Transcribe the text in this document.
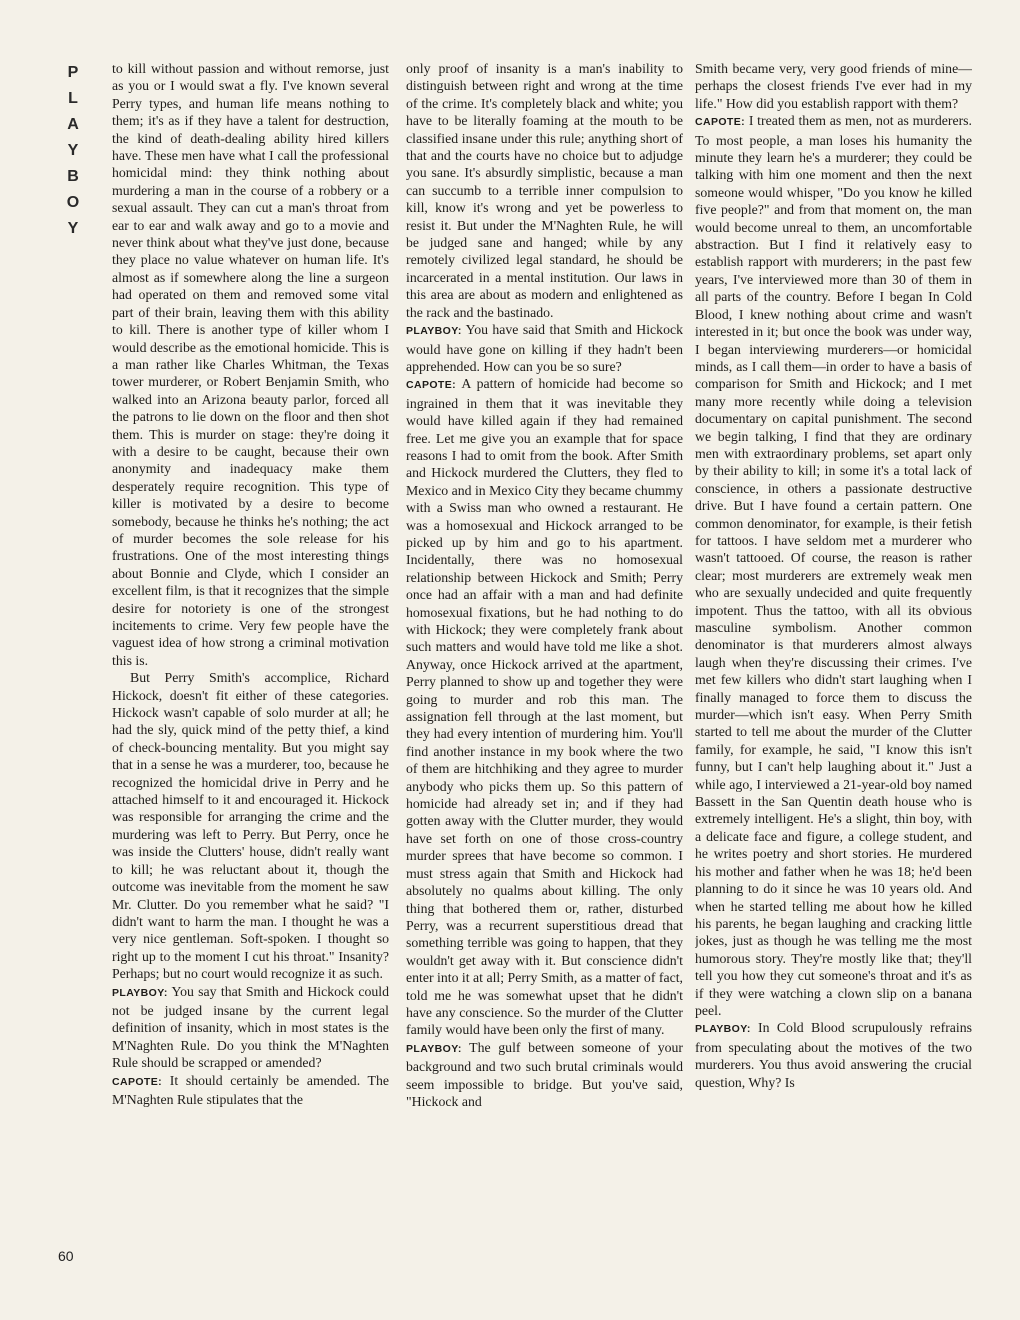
P
L
A
Y
B
O
Y
60

to kill without passion and without remorse, just as you or I would swat a fly. I've known several Perry types, and human life means nothing to them; it's as if they have a talent for destruction, the kind of death-dealing ability hired killers have. These men have what I call the professional homicidal mind: they think nothing about murdering a man in the course of a robbery or a sexual assault. They can cut a man's throat from ear to ear and walk away and go to a movie and never think about what they've just done, because they place no value whatever on human life. It's almost as if somewhere along the line a surgeon had operated on them and removed some vital part of their brain, leaving them with this ability to kill. There is another type of killer whom I would describe as the emotional homicide. This is a man rather like Charles Whitman, the Texas tower murderer, or Robert Benjamin Smith, who walked into an Arizona beauty parlor, forced all the patrons to lie down on the floor and then shot them. This is murder on stage: they're doing it with a desire to be caught, because their own anonymity and inadequacy make them desperately require recognition. This type of killer is motivated by a desire to become somebody, because he thinks he's nothing; the act of murder becomes the sole release for his frustrations. One of the most interesting things about Bonnie and Clyde, which I consider an excellent film, is that it recognizes that the simple desire for notoriety is one of the strongest incitements to crime. Very few people have the vaguest idea of how strong a criminal motivation this is.

But Perry Smith's accomplice, Richard Hickock, doesn't fit either of these categories. Hickock wasn't capable of solo murder at all; he had the sly, quick mind of the petty thief, a kind of check-bouncing mentality. But you might say that in a sense he was a murderer, too, because he recognized the homicidal drive in Perry and he attached himself to it and encouraged it. Hickock was responsible for arranging the crime and the murdering was left to Perry. But Perry, once he was inside the Clutters' house, didn't really want to kill; he was reluctant about it, though the outcome was inevitable from the moment he saw Mr. Clutter. Do you remember what he said? "I didn't want to harm the man. I thought he was a very nice gentleman. Soft-spoken. I thought so right up to the moment I cut his throat." Insanity? Perhaps; but no court would recognize it as such.

PLAYBOY: You say that Smith and Hickock could not be judged insane by the current legal definition of insanity, which in most states is the M'Naghten Rule. Do you think the M'Naghten Rule should be scrapped or amended?

CAPOTE: It should certainly be amended. The M'Naghten Rule stipulates that the

only proof of insanity is a man's inability to distinguish between right and wrong at the time of the crime. It's completely black and white; you have to be literally foaming at the mouth to be classified insane under this rule; anything short of that and the courts have no choice but to adjudge you sane. It's absurdly simplistic, because a man can succumb to a terrible inner compulsion to kill, know it's wrong and yet be powerless to resist it. But under the M'Naghten Rule, he will be judged sane and hanged; while by any remotely civilized legal standard, he should be incarcerated in a mental institution. Our laws in this area are about as modern and enlightened as the rack and the bastinado.

PLAYBOY: You have said that Smith and Hickock would have gone on killing if they hadn't been apprehended. How can you be so sure?

CAPOTE: A pattern of homicide had become so ingrained in them that it was inevitable they would have killed again if they had remained free. Let me give you an example that for space reasons I had to omit from the book. After Smith and Hickock murdered the Clutters, they fled to Mexico and in Mexico City they became chummy with a Swiss man who owned a restaurant. He was a homosexual and Hickock arranged to be picked up by him and go to his apartment. Incidentally, there was no homosexual relationship between Hickock and Smith; Perry once had an affair with a man and had definite homosexual fixations, but he had nothing to do with Hickock; they were completely frank about such matters and would have told me like a shot. Anyway, once Hickock arrived at the apartment, Perry planned to show up and together they were going to murder and rob this man. The assignation fell through at the last moment, but they had every intention of murdering him. You'll find another instance in my book where the two of them are hitchhiking and they agree to murder anybody who picks them up. So this pattern of homicide had already set in; and if they had gotten away with the Clutter murder, they would have set forth on one of those cross-country murder sprees that have become so common. I must stress again that Smith and Hickock had absolutely no qualms about killing. The only thing that bothered them or, rather, disturbed Perry, was a recurrent superstitious dread that something terrible was going to happen, that they wouldn't get away with it. But conscience didn't enter into it at all; Perry Smith, as a matter of fact, told me he was somewhat upset that he didn't have any conscience. So the murder of the Clutter family would have been only the first of many.

PLAYBOY: The gulf between someone of your background and two such brutal criminals would seem impossible to bridge. But you've said, "Hickock and

Smith became very, very good friends of mine—perhaps the closest friends I've ever had in my life." How did you establish rapport with them?

CAPOTE: I treated them as men, not as murderers. To most people, a man loses his humanity the minute they learn he's a murderer; they could be talking with him one moment and then the next someone would whisper, "Do you know he killed five people?" and from that moment on, the man would become unreal to them, an uncomfortable abstraction. But I find it relatively easy to establish rapport with murderers; in the past few years, I've interviewed more than 30 of them in all parts of the country. Before I began In Cold Blood, I knew nothing about crime and wasn't interested in it; but once the book was under way, I began interviewing murderers—or homicidal minds, as I call them—in order to have a basis of comparison for Smith and Hickock; and I met many more recently while doing a television documentary on capital punishment. The second we begin talking, I find that they are ordinary men with extraordinary problems, set apart only by their ability to kill; in some it's a total lack of conscience, in others a passionate destructive drive. But I have found a certain pattern. One common denominator, for example, is their fetish for tattoos. I have seldom met a murderer who wasn't tattooed. Of course, the reason is rather clear; most murderers are extremely weak men who are sexually undecided and quite frequently impotent. Thus the tattoo, with all its obvious masculine symbolism. Another common denominator is that murderers almost always laugh when they're discussing their crimes. I've met few killers who didn't start laughing when I finally managed to force them to discuss the murder—which isn't easy. When Perry Smith started to tell me about the murder of the Clutter family, for example, he said, "I know this isn't funny, but I can't help laughing about it." Just a while ago, I interviewed a 21-year-old boy named Bassett in the San Quentin death house who is extremely intelligent. He's a slight, thin boy, with a delicate face and figure, a college student, and he writes poetry and short stories. He murdered his mother and father when he was 18; he'd been planning to do it since he was 10 years old. And when he started telling me about how he killed his parents, he began laughing and cracking little jokes, just as though he was telling me the most humorous story. They're mostly like that; they'll tell you how they cut someone's throat and it's as if they were watching a clown slip on a banana peel.

PLAYBOY: In Cold Blood scrupulously refrains from speculating about the motives of the two murderers. You thus avoid answering the crucial question, Why? Is
